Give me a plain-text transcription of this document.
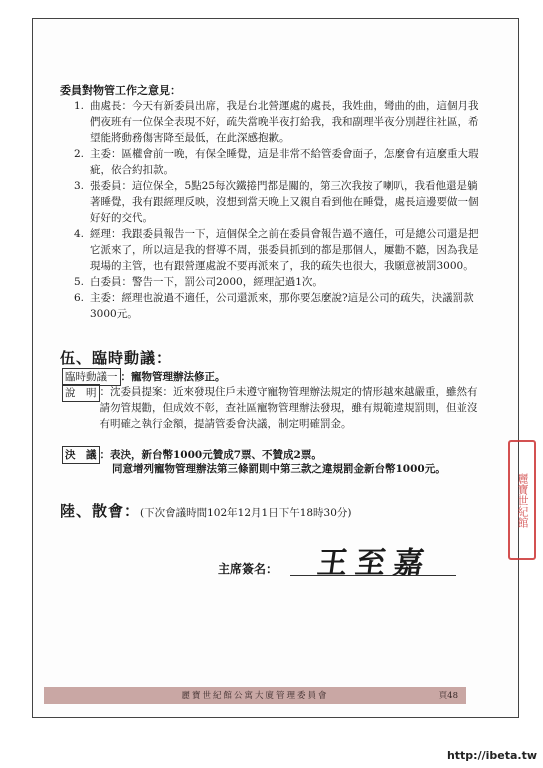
委員對物管工作之意見：
1. 曲處長：今天有新委員出席，我是台北營運處的處長，我姓曲，彎曲的曲，這個月我們夜班有一位保全表現不好，疏失當晚半夜打給我，我和副理半夜分別趕往社區，希望能將動務傷害降至最低，在此深感抱歉。
2. 主委：區權會前一晚，有保全睡覺，這是非常不給管委會面子，怎麼會有這麼重大瑕疵，依合約扣款。
3. 張委員：這位保全，5點25每次鐵捲門都是關的，第三次我按了喇叭，我看他還是躺著睡覺，我有跟經理反映，沒想到當天晚上又親自看到他在睡覺，處長這邊要做一個好好的交代。
4. 經理：我跟委員報告一下，這個保全之前在委員會報告過不適任，可是總公司還是把它派來了，所以這是我的督導不周，張委員抓到的都是那個人，屢勸不聽，因為我是現場的主管，也有跟營運處說不要再派來了，我的疏失也很大，我願意被罰3000。
5. 白委員：警告一下，罰公司2000，經理記過1次。
6. 主委：經理也說過不適任，公司還派來，那你要怎麼說?這是公司的疏失，決議罰款3000元。
伍、臨時動議：
臨時動議一 ：寵物管理辦法修正。
說　明 ：沈委員提案：近來發現住戶未遵守寵物管理辦法規定的情形越來越嚴重，雖然有請勿管規勸，但成效不彰，查社區寵物管理辦法發現，雖有規範違規罰則，但並沒有明確之執行金額，提請管委會決議，制定明確罰金。
決　議 ：表決，新台幣1000元贊成7票、不贊成2票。
同意增列寵物管理辦法第三條罰則中第三款之違規罰金新台幣1000元。
陸、散會： (下次會議時間102年12月1日下午18時30分)
主席簽名： 王至嘉
麗寶世紀館
麗寶世紀館公寓大廈管理委員會	頁48
http://ibeta.tw
